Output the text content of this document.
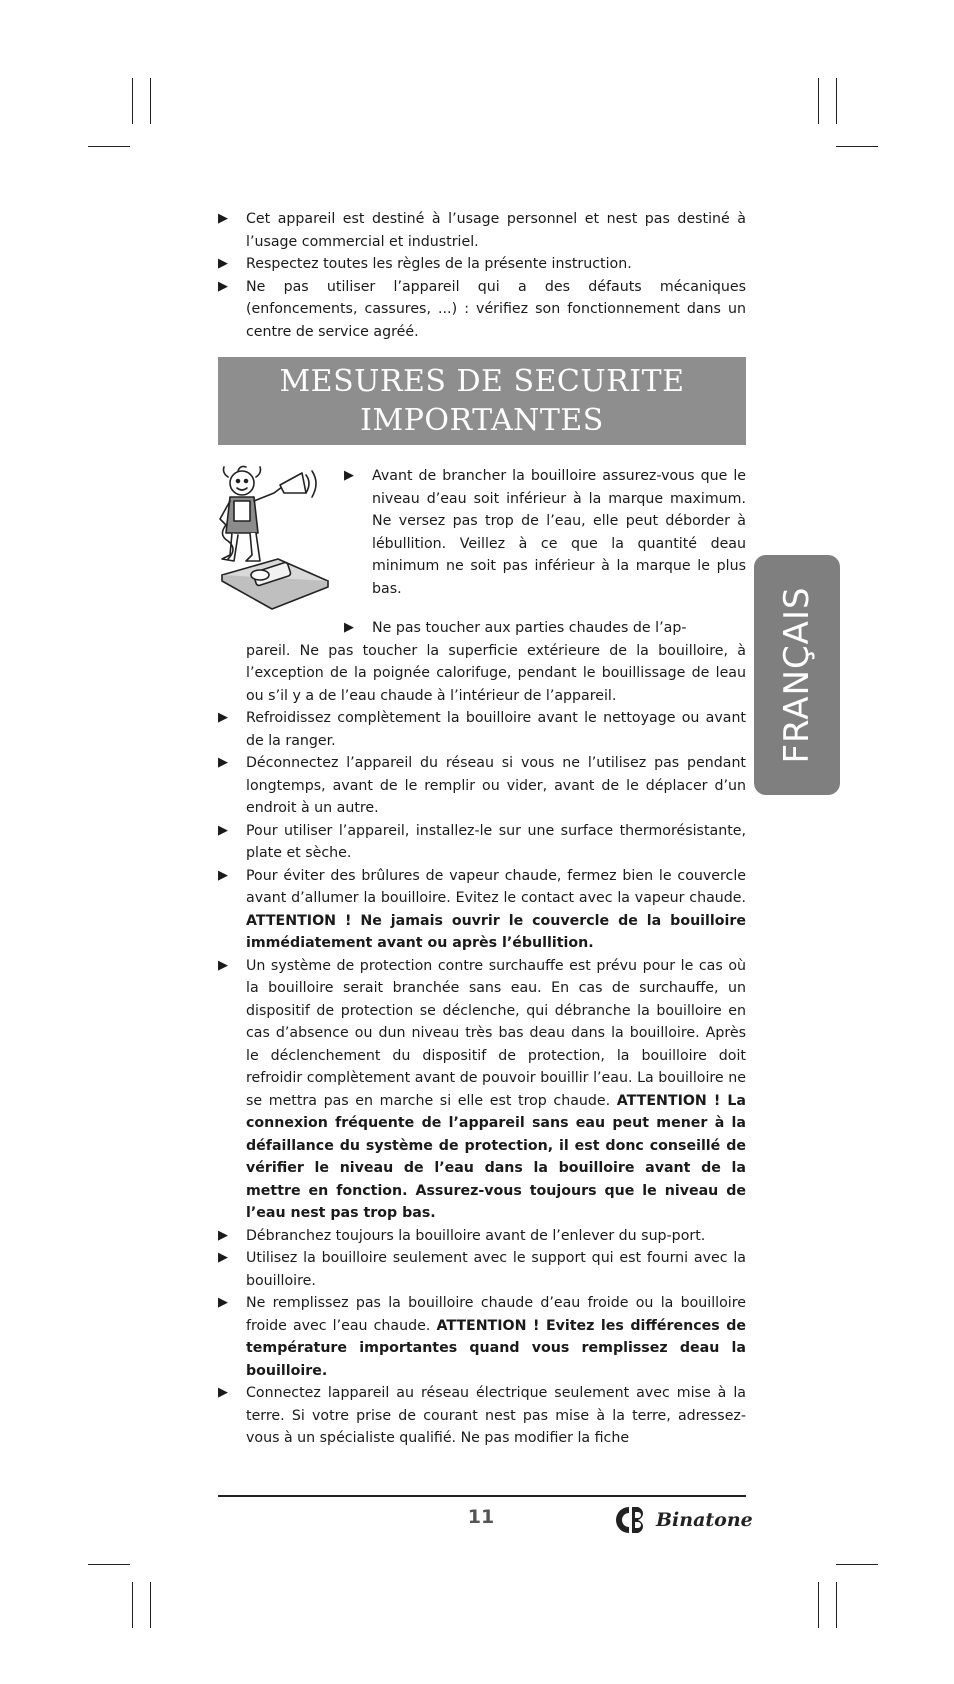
▶ Cet appareil est destiné à l’usage personnel et nest pas destiné à l’usage commercial et industriel.
▶ Respectez toutes les règles de la présente instruction.
▶ Ne pas utiliser l’appareil qui a des défauts mécaniques (enfoncements, cassures, ...) : vérifiez son fonctionnement dans un centre de service agréé.
MESURES DE SECURITE
IMPORTANTES
▶ Avant de brancher la bouilloire assurez-vous que le niveau d’eau soit inférieur à la marque maximum. Ne versez pas trop de l’eau, elle peut déborder à lébullition. Veillez à ce que la quantité deau minimum ne soit pas inférieur à la marque le plus bas.
▶	Ne pas toucher aux parties chaudes de l’ap-
pareil. Ne pas toucher la superficie extérieure de la bouilloire, à l’exception de la poignée calorifuge, pendant le bouillissage de leau ou s’il y a de l’eau chaude à l’intérieur de l’appareil.
▶ Refroidissez complètement la bouilloire avant le nettoyage ou avant de la ranger.
▶ Déconnectez l’appareil du réseau si vous ne l’utilisez pas pendant longtemps, avant de le remplir ou vider, avant de le déplacer d’un endroit à un autre.
▶ Pour utiliser l’appareil, installez-le sur une surface thermorésistante, plate et sèche.
▶ Pour éviter des brûlures de vapeur chaude, fermez bien le couvercle avant d’allumer la bouilloire. Evitez le contact avec la vapeur chaude. ATTENTION ! Ne jamais ouvrir le couvercle de la bouilloire immédiatement avant ou après l’ébullition.
▶ Un système de protection contre surchauffe est prévu pour le cas où la bouilloire serait branchée sans eau. En cas de surchauffe, un dispositif de protection se déclenche, qui débranche la bouilloire en cas d’absence ou dun niveau très bas deau dans la bouilloire. Après le déclenchement du dispositif de protection, la bouilloire doit refroidir complètement avant de pouvoir bouillir l’eau. La bouilloire ne se mettra pas en marche si elle est trop chaude. ATTENTION ! La connexion fréquente de l’appareil sans eau peut mener à la défaillance du système de protection, il est donc conseillé de vérifier le niveau de l’eau dans la bouilloire avant de la mettre en fonction. Assurez-vous toujours que le niveau de l’eau nest pas trop bas.
▶ Débranchez toujours la bouilloire avant de l’enlever du sup-port.
▶ Utilisez la bouilloire seulement avec le support qui est fourni avec la bouilloire.
▶ Ne remplissez pas la bouilloire chaude d’eau froide ou la bouilloire froide avec l’eau chaude. ATTENTION ! Evitez les différences de température importantes quand vous remplissez deau la bouilloire.
▶ Connectez lappareil au réseau électrique seulement avec mise à la terre. Si votre prise de courant nest pas mise à la terre, adressez-vous à un spécialiste qualifié. Ne pas modifier la fiche
FRANÇAIS
11	Binatone
